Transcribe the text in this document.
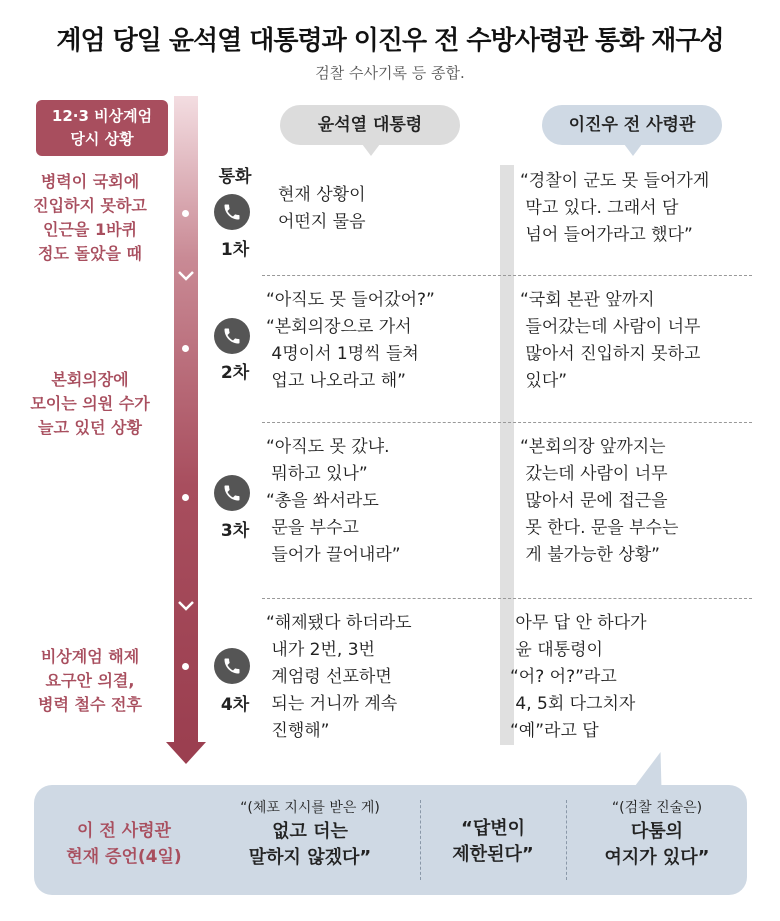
계엄 당일 윤석열 대통령과 이진우 전 수방사령관 통화 재구성
검찰 수사기록 등 종합.
12·3 비상계엄
당시 상황
병력이 국회에
진입하지 못하고
인근을 1바퀴
정도 돌았을 때
본회의장에
모이는 의원 수가
늘고 있던 상황
비상계엄 해제
요구안 의결,
병력 철수 전후
윤석열 대통령	이진우 전 사령관
통화
1차
현재 상황이
어떤지 물음
“경찰이 군도 못 들어가게
막고 있다. 그래서 담
넘어 들어가라고 했다”
2차
“아직도 못 들어갔어?”
“본회의장으로 가서
4명이서 1명씩 들쳐
업고 나오라고 해”
“국회 본관 앞까지
들어갔는데 사람이 너무
많아서 진입하지 못하고
있다”
3차
“아직도 못 갔냐.
뭐하고 있나”
“총을 쏴서라도
문을 부수고
들어가 끌어내라”
“본회의장 앞까지는
갔는데 사람이 너무
많아서 문에 접근을
못 한다. 문을 부수는
게 불가능한 상황”
4차
“해제됐다 하더라도
내가 2번, 3번
계엄령 선포하면
되는 거니까 계속
진행해”
아무 답 안 하다가
윤 대통령이
“어? 어?”라고
4, 5회 다그치자
“예”라고 답
이 전 사령관
현재 증언(4일)
“(체포 지시를 받은 게)
없고 더는
말하지 않겠다”
“답변이
제한된다”
“(검찰 진술은)
다툼의
여지가 있다”
